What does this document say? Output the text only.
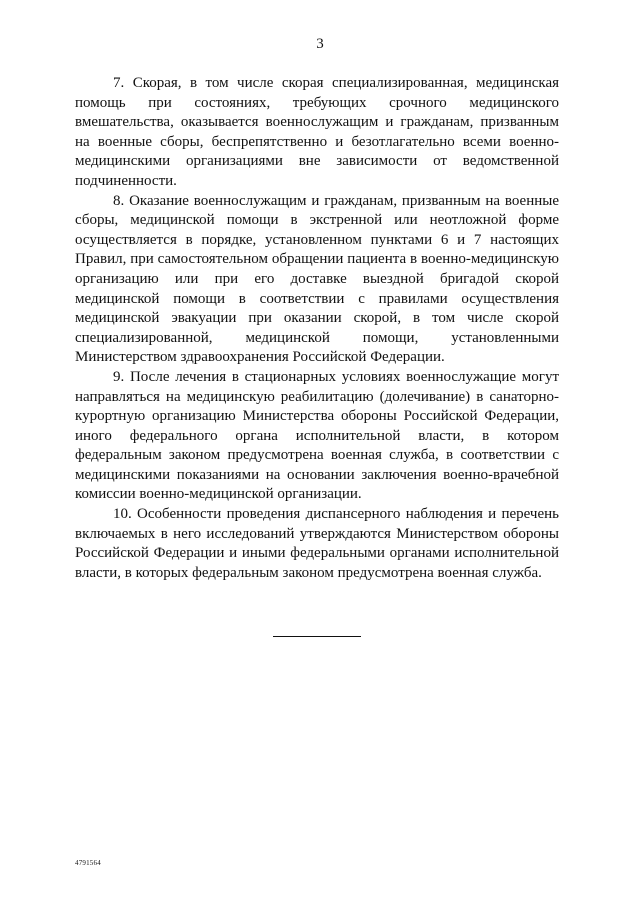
3

7. Скорая, в том числе скорая специализированная, медицинская помощь при состояниях, требующих срочного медицинского вмешательства, оказывается военнослужащим и гражданам, призванным на военные сборы, беспрепятственно и безотлагательно всеми военно-медицинскими организациями вне зависимости от ведомственной подчиненности.

8. Оказание военнослужащим и гражданам, призванным на военные сборы, медицинской помощи в экстренной или неотложной форме осуществляется в порядке, установленном пунктами 6 и 7 настоящих Правил, при самостоятельном обращении пациента в военно-медицинскую организацию или при его доставке выездной бригадой скорой медицинской помощи в соответствии с правилами осуществления медицинской эвакуации при оказании скорой, в том числе скорой специализированной, медицинской помощи, установленными Министерством здравоохранения Российской Федерации.

9. После лечения в стационарных условиях военнослужащие могут направляться на медицинскую реабилитацию (долечивание) в санаторно-курортную организацию Министерства обороны Российской Федерации, иного федерального органа исполнительной власти, в котором федеральным законом предусмотрена военная служба, в соответствии с медицинскими показаниями на основании заключения военно-врачебной комиссии военно-медицинской организации.

10. Особенности проведения диспансерного наблюдения и перечень включаемых в него исследований утверждаются Министерством обороны Российской Федерации и иными федеральными органами исполнительной власти, в которых федеральным законом предусмотрена военная служба.

4791564
